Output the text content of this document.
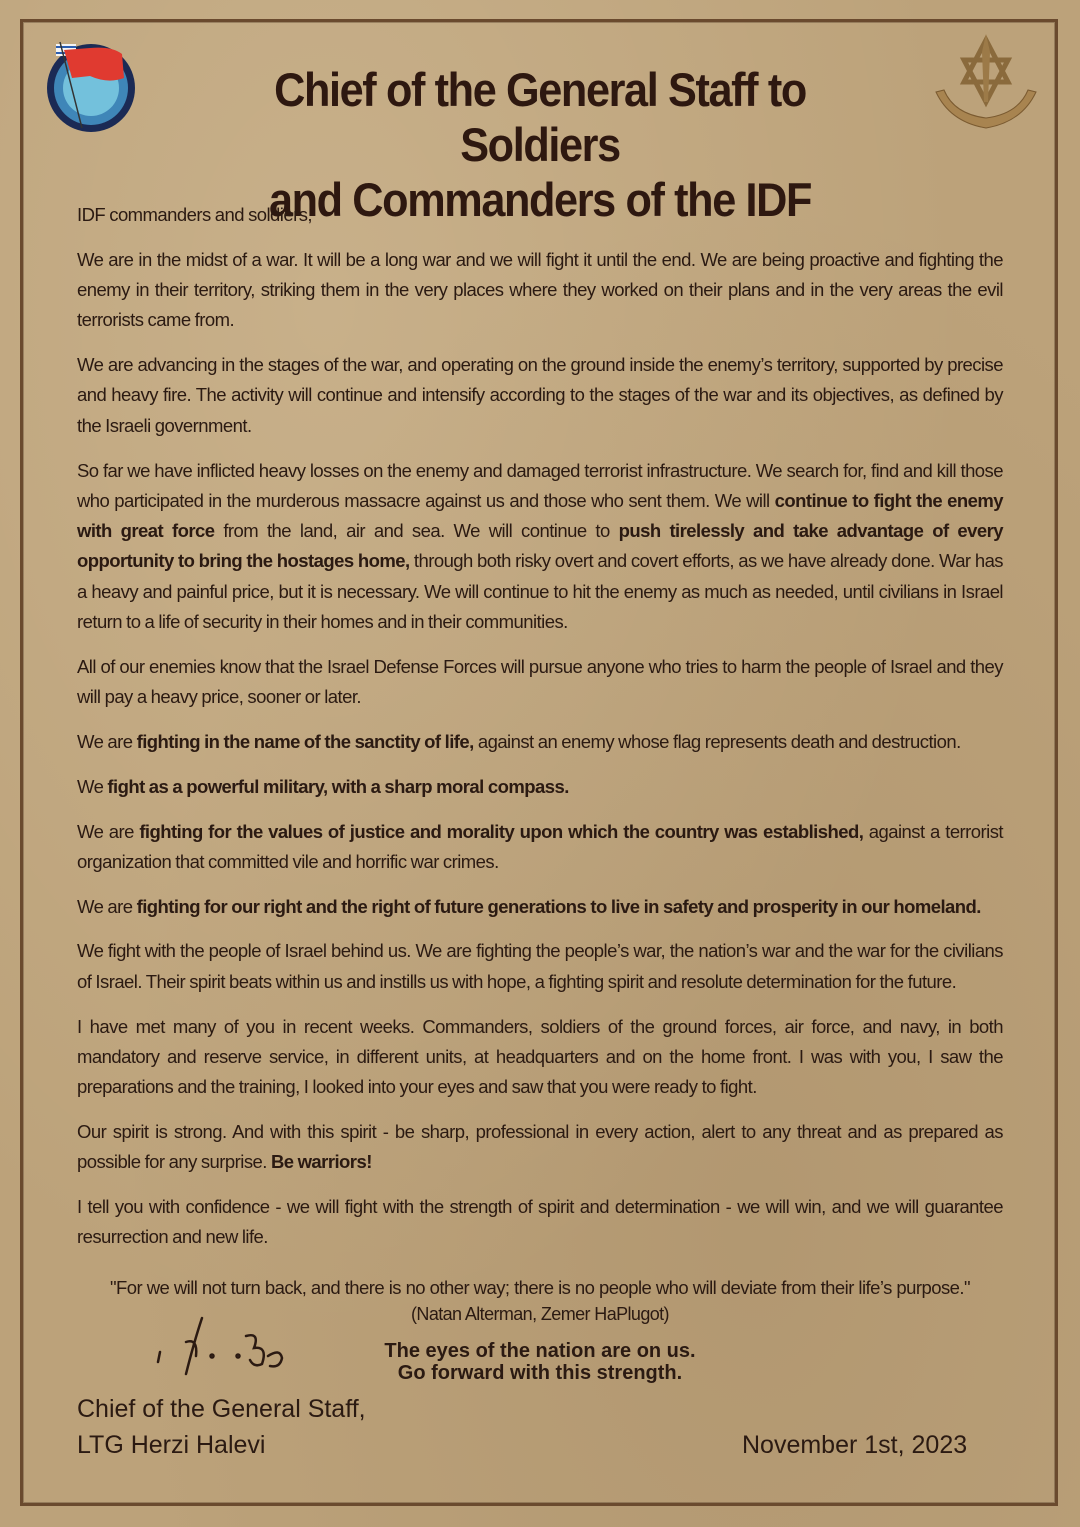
Chief of the General Staff to Soldiers
and Commanders of the IDF

IDF commanders and soldiers,

We are in the midst of a war. It will be a long war and we will fight it until the end. We are being proactive and fighting the enemy in their territory, striking them in the very places where they worked on their plans and in the very areas the evil terrorists came from.

We are advancing in the stages of the war, and operating on the ground inside the enemy’s territory, supported by precise and heavy fire. The activity will continue and intensify according to the stages of the war and its objectives, as defined by the Israeli government.

So far we have inflicted heavy losses on the enemy and damaged terrorist infrastructure. We search for, find and kill those who participated in the murderous massacre against us and those who sent them. We will continue to fight the enemy with great force from the land, air and sea. We will continue to push tirelessly and take advantage of every opportunity to bring the hostages home, through both risky overt and covert efforts, as we have already done. War has a heavy and painful price, but it is necessary. We will continue to hit the enemy as much as needed, until civilians in Israel return to a life of security in their homes and in their communities.

All of our enemies know that the Israel Defense Forces will pursue anyone who tries to harm the people of Israel and they will pay a heavy price, sooner or later.

We are fighting in the name of the sanctity of life, against an enemy whose flag represents death and destruction.

We fight as a powerful military, with a sharp moral compass.

We are fighting for the values of justice and morality upon which the country was established, against a terrorist organization that committed vile and horrific war crimes.

We are fighting for our right and the right of future generations to live in safety and prosperity in our homeland.

We fight with the people of Israel behind us. We are fighting the people’s war, the nation’s war and the war for the civilians of Israel. Their spirit beats within us and instills us with hope, a fighting spirit and resolute determination for the future.

I have met many of you in recent weeks. Commanders, soldiers of the ground forces, air force, and navy, in both mandatory and reserve service, in different units, at headquarters and on the home front. I was with you, I saw the preparations and the training, I looked into your eyes and saw that you were ready to fight.

Our spirit is strong. And with this spirit - be sharp, professional in every action, alert to any threat and as prepared as possible for any surprise. Be warriors!

I tell you with confidence - we will fight with the strength of spirit and determination - we will win, and we will guarantee resurrection and new life.

"For we will not turn back, and there is no other way; there is no people who will deviate from their life’s purpose."
(Natan Alterman, Zemer HaPlugot)
The eyes of the nation are on us.
Go forward with this strength.
Chief of the General Staff,
LTG Herzi Halevi	November 1st, 2023
